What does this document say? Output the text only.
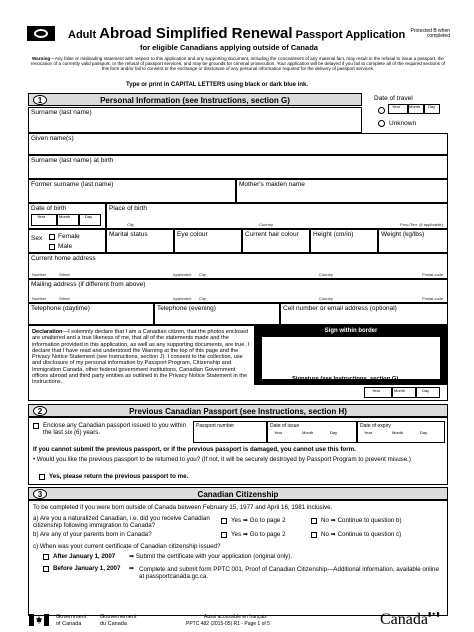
Adult Abroad Simplified Renewal Passport Application	Protected B when completed
for eligible Canadians applying outside of Canada
Warning—Any false or misleading statement with respect to this application and any supporting document, including the concealment of any material fact, may result in the refusal to issue a passport, the revocation of a currently valid passport, or the refusal of passport services, and may be grounds for criminal prosecution. Your application will be delayed if you fail to complete all of the required sections of this form and/or fail to consent to the exchange or disclosure of any personal information required for the delivery of passport services.
Type or print in CAPITAL LETTERS using black or dark blue ink.
1	Personal Information (see Instructions, section G)	Date of travel
Year Month Day
Unknown
Surname (last name)
Given name(s)
Surname (last name) at birth
Former surname (last name)	Mother's maiden name
Date of birth
Year	Month	Day
Place of birth
City	Country	Prov./Terr. (if applicable)
Sex Female
Male
Marital status	Eye colour	Current hair colour Height (cm/in)	Weight (kg/lbs)
Current home address
Number	Street	Apartment City	Country	Postal code
Mailing address (if different from above)
Number	Street	Apartment City	Country	Postal code
Telephone (daytime)	Telephone (evening)	Cell number or email address (optional)
Declaration—I solemnly declare that I am a Canadian citizen, that the photos enclosed are unaltered and a true likeness of me, that all of the statements made and the information provided in this application, as well as any supporting documents, are true. I declare that I have read and understood the Warning at the top of this page and the Privacy Notice Statement (see Instructions, section J). I consent to the collection, use and disclosure of my personal information by Passport Program, Citizenship and Immigration Canada, other federal government institutions, Canadian Government offices abroad and third party entities as outlined in the Privacy Notice Statement in the Instructions.
Sign within border
Signature (see Instructions, section G)
Year	Month	Day
2	Previous Canadian Passport (see Instructions, section H)
Enclose any Canadian passport issued to you within the last six (6) years.
Passport number	Date of issue
Year	Month	Day
Date of expiry
Year	Month	Day
If you cannot submit the previous passport, or if the previous passport is damaged, you cannot use this form.
• Would you like the previous passport to be returned to you? (If not, it will be securely destroyed by Passport Program to prevent misuse.)
Yes, please return the previous passport to me.
3	Canadian Citizenship
To be completed if you were born outside of Canada between February 15, 1977 and April 16, 1981 inclusive.
a) Are you a naturalized Canadian, i.e. did you receive Canadian citizenship following immigration to Canada?
Yes ➡ Go to page 2	No ➡ Continue to question b)
b) Are any of your parents born in Canada?	Yes ➡ Go to page 2	No ➡ Continue to question c)
c) When was your current certificate of Canadian citizenship issued?
After January 1, 2007 ➡ Submit the certificate with your application (original only).
Before January 1, 2007 ➡ Complete and submit form PPTC 001, Proof of Canadian Citizenship—Additional information, available online at passportcanada.gc.ca.
Government
of Canada
Gouvernement
du Canada
Aussi accessible en français
PPTC 482 (2015-05) R1 - Page 1 of 5	Canada▮✦▮
